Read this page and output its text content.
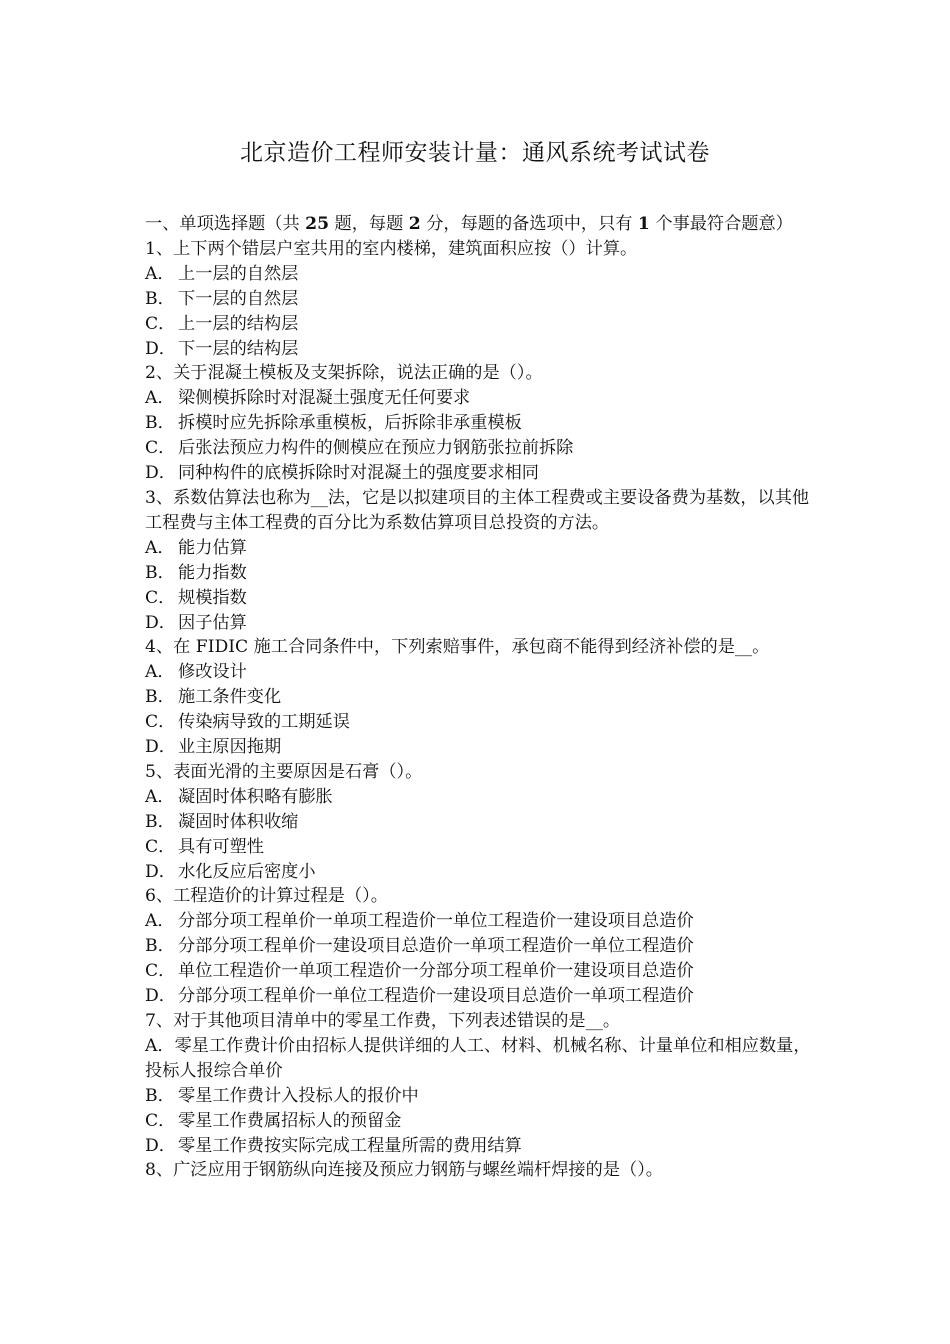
北京造价工程师安装计量：通风系统考试试卷
一、单项选择题（共 25 题，每题 2 分，每题的备选项中，只有 1 个事最符合题意）
1、上下两个错层户室共用的室内楼梯，建筑面积应按（）计算。
A． 上一层的自然层
B． 下一层的自然层
C． 上一层的结构层
D． 下一层的结构层
2、关于混凝土模板及支架拆除，说法正确的是（）。
A． 梁侧模拆除时对混凝土强度无任何要求
B． 拆模时应先拆除承重模板，后拆除非承重模板
C． 后张法预应力构件的侧模应在预应力钢筋张拉前拆除
D． 同种构件的底模拆除时对混凝土的强度要求相同
3、系数估算法也称为__法，它是以拟建项目的主体工程费或主要设备费为基数，以其他工程费与主体工程费的百分比为系数估算项目总投资的方法。
A． 能力估算
B． 能力指数
C． 规模指数
D． 因子估算
4、在 FIDIC 施工合同条件中，下列索赔事件，承包商不能得到经济补偿的是__。
A． 修改设计
B． 施工条件变化
C． 传染病导致的工期延误
D． 业主原因拖期
5、表面光滑的主要原因是石膏（）。
A． 凝固时体积略有膨胀
B． 凝固时体积收缩
C． 具有可塑性
D． 水化反应后密度小
6、工程造价的计算过程是（）。
A． 分部分项工程单价一单项工程造价一单位工程造价一建设项目总造价
B． 分部分项工程单价一建设项目总造价一单项工程造价一单位工程造价
C． 单位工程造价一单项工程造价一分部分项工程单价一建设项目总造价
D． 分部分项工程单价一单位工程造价一建设项目总造价一单项工程造价
7、对于其他项目清单中的零星工作费，下列表述错误的是__。
A．零星工作费计价由招标人提供详细的人工、材料、机械名称、计量单位和相应数量，投标人报综合单价
B． 零星工作费计入投标人的报价中
C． 零星工作费属招标人的预留金
D． 零星工作费按实际完成工程量所需的费用结算
8、广泛应用于钢筋纵向连接及预应力钢筋与螺丝端杆焊接的是（）。
